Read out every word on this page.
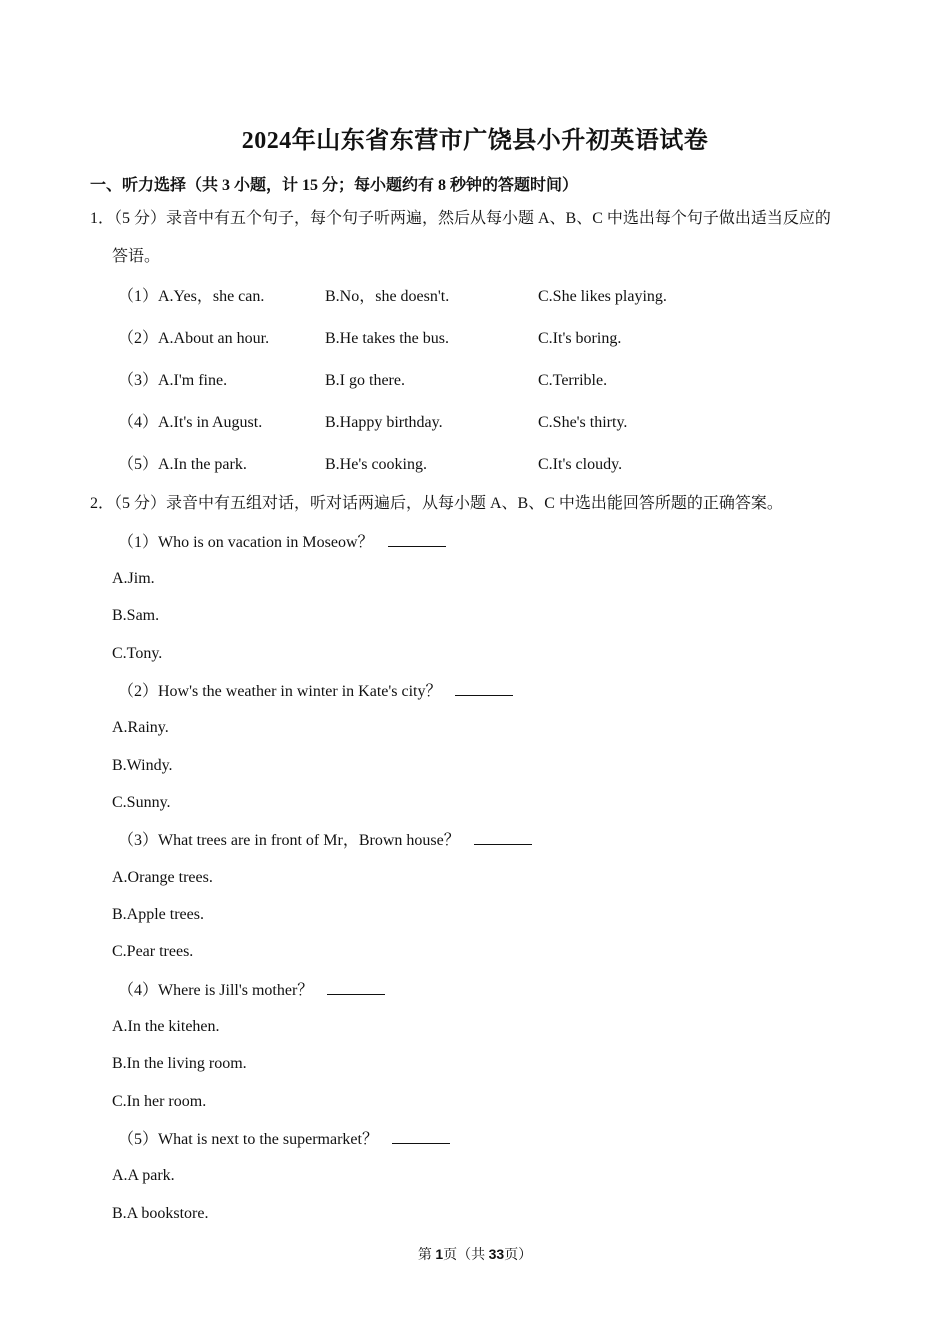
2024年山东省东营市广饶县小升初英语试卷
一、听力选择（共 3 小题，计 15 分；每小题约有 8 秒钟的答题时间）
1．（5 分）录音中有五个句子，每个句子听两遍，然后从每小题 A、B、C 中选出每个句子做出适当反应的
答语。
（1）A.Yes，she can.	B.No，she doesn't.	C.She likes playing.
（2）A.About an hour.	B.He takes the bus.	C.It's boring.
（3）A.I'm fine.	B.I go there.	C.Terrible.
（4）A.It's in August.	B.Happy birthday.	C.She's thirty.
（5）A.In the park.	B.He's cooking.	C.It's cloudy.
2．（5 分）录音中有五组对话，听对话两遍后，从每小题 A、B、C 中选出能回答所题的正确答案。
（1）Who is on vacation in Moseow？
A.Jim.
B.Sam.
C.Tony.
（2）How's the weather in winter in Kate's city？
A.Rainy.
B.Windy.
C.Sunny.
（3）What trees are in front of Mr，Brown house？
A.Orange trees.
B.Apple trees.
C.Pear trees.
（4）Where is Jill's mother？
A.In the kitehen.
B.In the living room.
C.In her room.
（5）What is next to the supermarket？
A.A park.
B.A bookstore.
第 1页（共 33页）
